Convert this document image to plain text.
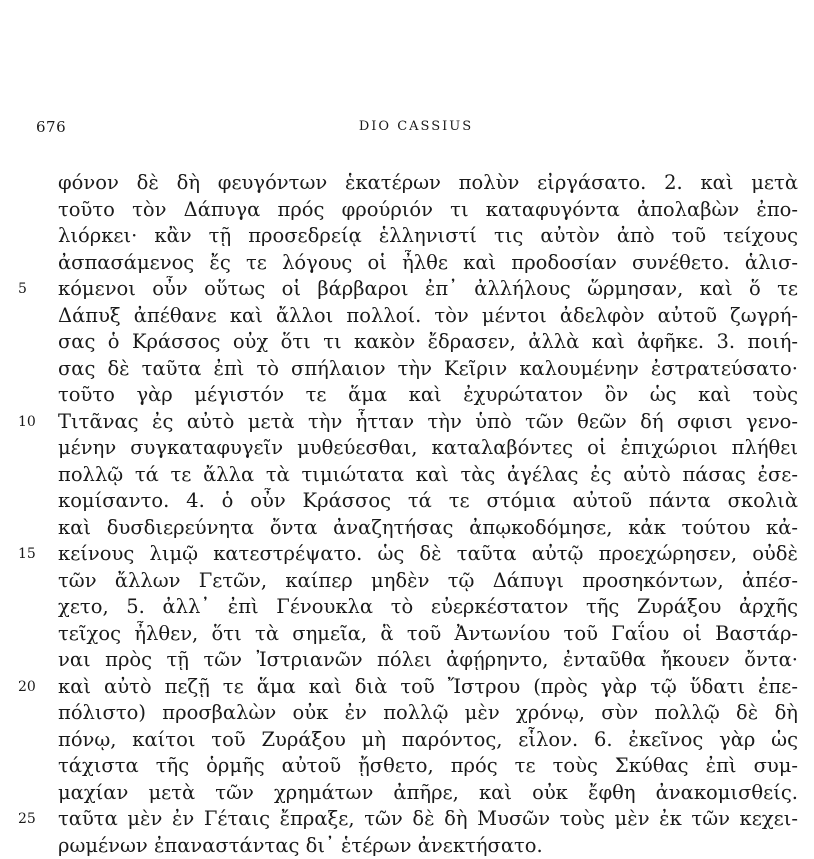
676	DIO CASSIUS
φόνον δὲ δὴ φευγόντων ἑκατέρων πολὺν εἰργάσατο. 2. καὶ μετὰ
τοῦτο τὸν Δάπυγα πρός φρούριόν τι καταφυγόντα ἀπολαβὼν ἐπο-
λιόρκει· κἂν τῇ προσεδρείᾳ ἑλληνιστί τις αὐτὸν ἀπὸ τοῦ τείχους
ἀσπασάμενος ἔς τε λόγους οἱ ἦλθε καὶ προδοσίαν συνέθετο. ἁλισ-
5	κόμενοι οὖν οὕτως οἱ βάρβαροι ἐπ᾽ ἀλλήλους ὥρμησαν, καὶ ὅ τε
Δάπυξ ἀπέθανε καὶ ἄλλοι πολλοί. τὸν μέντοι ἀδελφὸν αὐτοῦ ζωγρή-
σας ὁ Κράσσος οὐχ ὅτι τι κακὸν ἔδρασεν, ἀλλὰ καὶ ἀφῆκε. 3. ποιή-
σας δὲ ταῦτα ἐπὶ τὸ σπήλαιον τὴν Κεῖριν καλουμένην ἐστρατεύσατο·
τοῦτο γὰρ μέγιστόν τε ἅμα καὶ ἐχυρώτατον ὂν ὡς καὶ τοὺς
10	Τιτᾶνας ἐς αὐτὸ μετὰ τὴν ἧτταν τὴν ὑπὸ τῶν θεῶν δή σφισι γενο-
μένην συγκαταφυγεῖν μυθεύεσθαι, καταλαβόντες οἱ ἐπιχώριοι πλήθει
πολλῷ τά τε ἄλλα τὰ τιμιώτατα καὶ τὰς ἀγέλας ἐς αὐτὸ πάσας ἐσε-
κομίσαντο. 4. ὁ οὖν Κράσσος τά τε στόμια αὐτοῦ πάντα σκολιὰ
καὶ δυσδιερεύνητα ὄντα ἀναζητήσας ἀπῳκοδόμησε, κἀκ τούτου κἀ-
15	κείνους λιμῷ κατεστρέψατο. ὡς δὲ ταῦτα αὐτῷ προεχώρησεν, οὐδὲ
τῶν ἄλλων Γετῶν, καίπερ μηδὲν τῷ Δάπυγι προσηκόντων, ἀπέσ-
χετο, 5. ἀλλ᾽ ἐπὶ Γένουκλα τὸ εὐερκέστατον τῆς Ζυράξου ἀρχῆς
τεῖχος ἦλθεν, ὅτι τὰ σημεῖα, ἃ τοῦ Ἀντωνίου τοῦ Γαΐου οἱ Βαστάρ-
ναι πρὸς τῇ τῶν Ἰστριανῶν πόλει ἀφῄρηντο, ἐνταῦθα ἤκουεν ὄντα·
20	καὶ αὐτὸ πεζῇ τε ἅμα καὶ διὰ τοῦ Ἴστρου (πρὸς γὰρ τῷ ὕδατι ἐπε-
πόλιστο) προσβαλὼν οὐκ ἐν πολλῷ μὲν χρόνῳ, σὺν πολλῷ δὲ δὴ
πόνῳ, καίτοι τοῦ Ζυράξου μὴ παρόντος, εἷλον. 6. ἐκεῖνος γὰρ ὡς
τάχιστα τῆς ὁρμῆς αὐτοῦ ᾔσθετο, πρός τε τοὺς Σκύθας ἐπὶ συμ-
μαχίαν μετὰ τῶν χρημάτων ἀπῆρε, καὶ οὐκ ἔφθη ἀνακομισθείς.
25	ταῦτα μὲν ἐν Γέταις ἔπραξε, τῶν δὲ δὴ Μυσῶν τοὺς μὲν ἐκ τῶν κεχει-
ρωμένων ἐπαναστάντας δι᾽ ἑτέρων ἀνεκτήσατο.
